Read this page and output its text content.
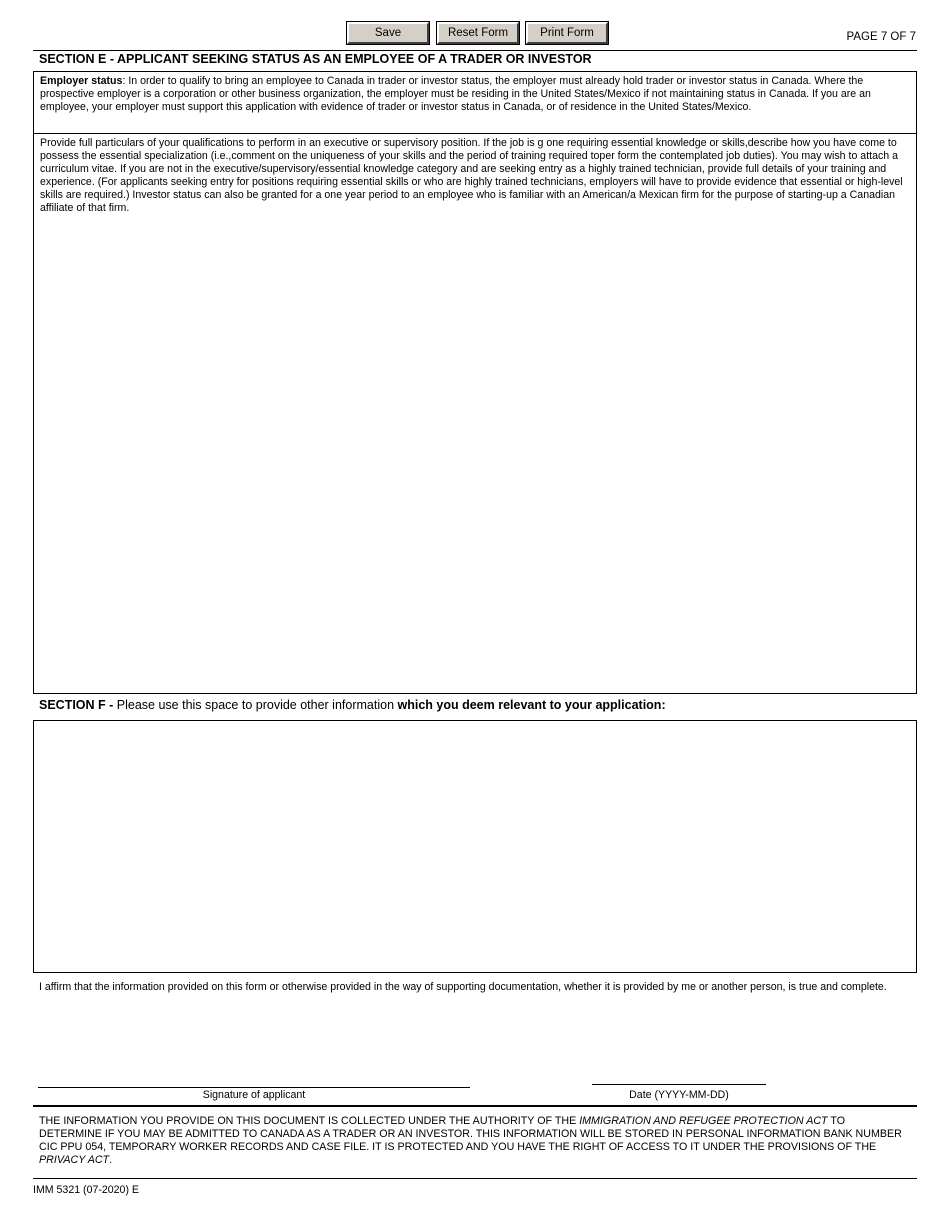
Save	Reset Form	Print Form	PAGE 7 OF 7
SECTION E - APPLICANT SEEKING STATUS AS AN EMPLOYEE OF A TRADER OR INVESTOR
Employer status: In order to qualify to bring an employee to Canada in trader or investor status, the employer must already hold trader or investor status in Canada. Where the prospective employer is a corporation or other business organization, the employer must be residing in the United States/Mexico if not maintaining status in Canada. If you are an employee, your employer must support this application with evidence of trader or investor status in Canada, or of residence in the United States/Mexico.
Provide full particulars of your qualifications to perform in an executive or supervisory position. If the job is g one requiring essential knowledge or skills,describe how you have come to possess the essential specialization (i.e.,comment on the uniqueness of your skills and the period of training required toper form the contemplated job duties). You may wish to attach a curriculum vitae. If you are not in the executive/supervisory/essential knowledge category and are seeking entry as a highly trained technician, provide full details of your training and experience. (For applicants seeking entry for positions requiring essential skills or who are highly trained technicians, employers will have to provide evidence that essential or high-level skills are required.) Investor status can also be granted for a one year period to an employee who is familiar with an American/a Mexican firm for the purpose of starting-up a Canadian affiliate of that firm.
SECTION F - Please use this space to provide other information which you deem relevant to your application:
I affirm that the information provided on this form or otherwise provided in the way of supporting documentation, whether it is provided by me or another person, is true and complete.
Signature of applicant	Date (YYYY-MM-DD)
THE INFORMATION YOU PROVIDE ON THIS DOCUMENT IS COLLECTED UNDER THE AUTHORITY OF THE IMMIGRATION AND REFUGEE PROTECTION ACT TO DETERMINE IF YOU MAY BE ADMITTED TO CANADA AS A TRADER OR AN INVESTOR. THIS INFORMATION WILL BE STORED IN PERSONAL INFORMATION BANK NUMBER CIC PPU 054, TEMPORARY WORKER RECORDS AND CASE FILE. IT IS PROTECTED AND YOU HAVE THE RIGHT OF ACCESS TO IT UNDER THE PROVISIONS OF THE PRIVACY ACT.
IMM 5321 (07-2020) E
